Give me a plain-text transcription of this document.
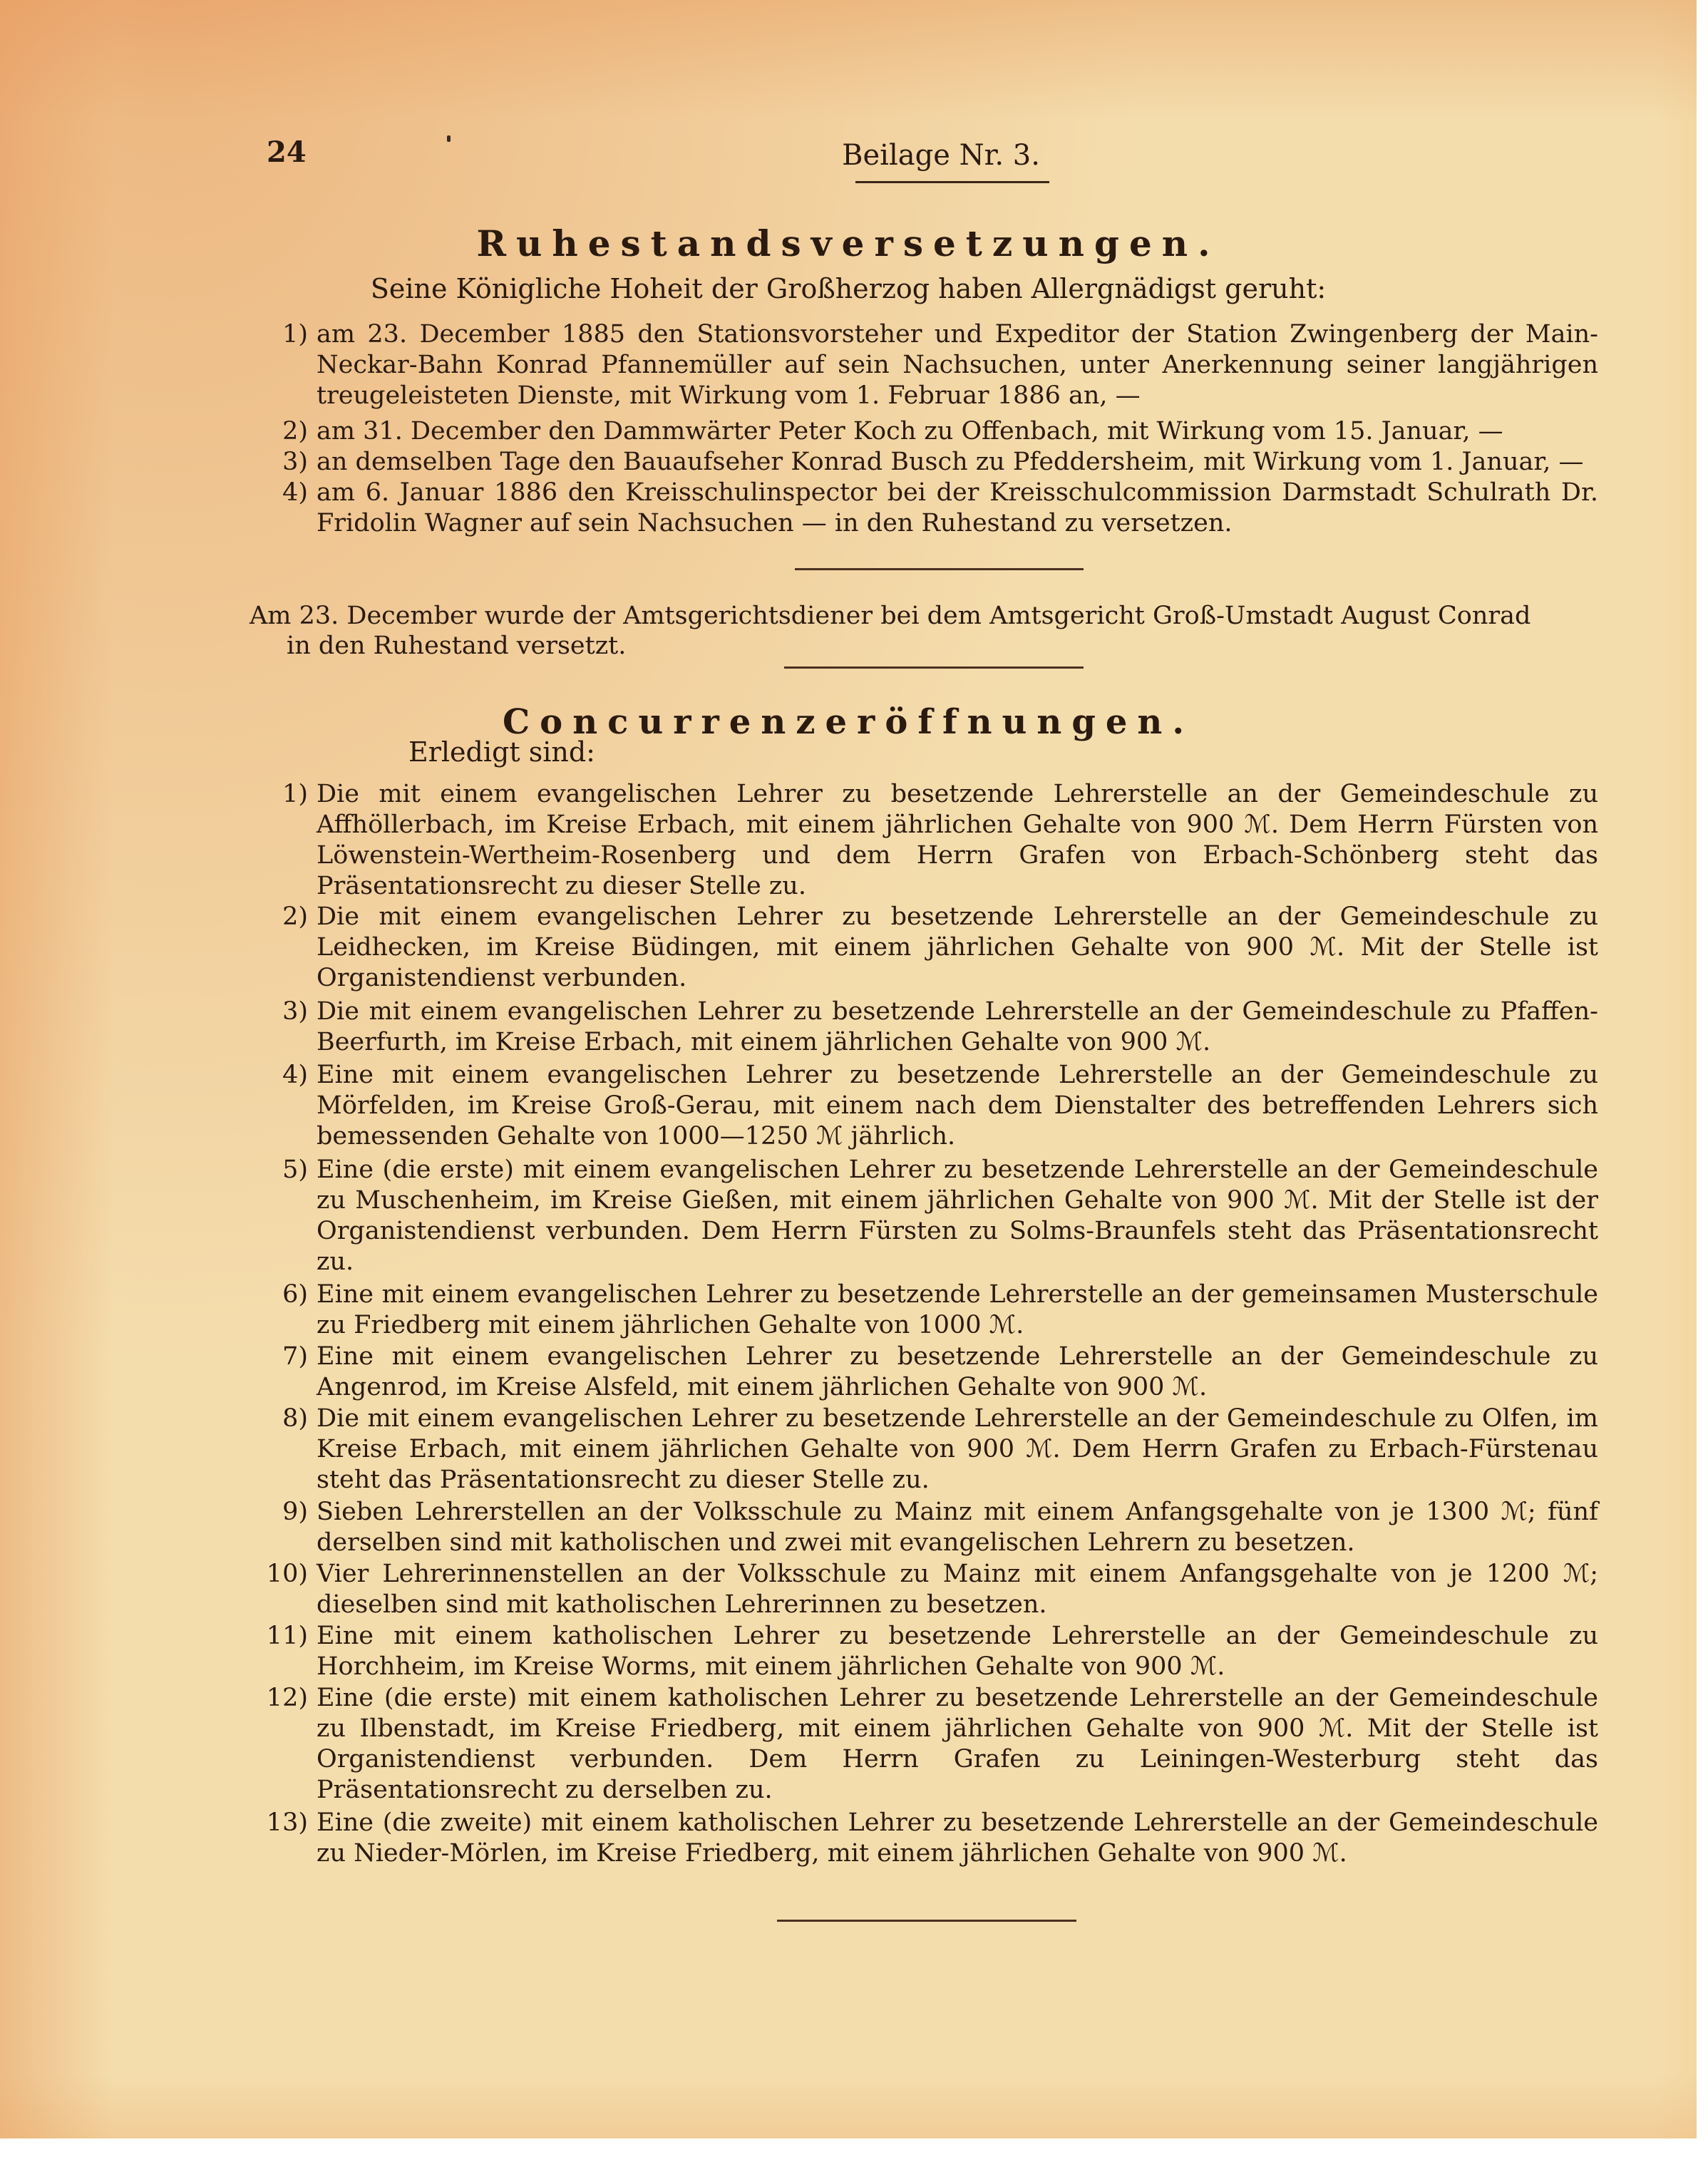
24	Beilage Nr. 3.
Ruhestandsversetzungen.
Seine Königliche Hoheit der Großherzog haben Allergnädigst geruht:
1) am 23. December 1885 den Stationsvorsteher und Expeditor der Station Zwingenberg der Main-Neckar-Bahn Konrad Pfannemüller auf sein Nachsuchen, unter Anerkennung seiner langjährigen treugeleisteten Dienste, mit Wirkung vom 1. Februar 1886 an, —
2) am 31. December den Dammwärter Peter Koch zu Offenbach, mit Wirkung vom 15. Januar, —
3) an demselben Tage den Bauaufseher Konrad Busch zu Pfeddersheim, mit Wirkung vom 1. Januar, —
4) am 6. Januar 1886 den Kreisschulinspector bei der Kreisschulcommission Darmstadt Schulrath Dr. Fridolin Wagner auf sein Nachsuchen — in den Ruhestand zu versetzen.
Am 23. December wurde der Amtsgerichtsdiener bei dem Amtsgericht Groß-Umstadt August Conrad
in den Ruhestand versetzt.
Concurrenzeröffnungen.
Erledigt sind:
1) Die mit einem evangelischen Lehrer zu besetzende Lehrerstelle an der Gemeindeschule zu Affhöllerbach, im Kreise Erbach, mit einem jährlichen Gehalte von 900 ℳ. Dem Herrn Fürsten von Löwenstein-Wertheim-Rosenberg und dem Herrn Grafen von Erbach-Schönberg steht das Präsentationsrecht zu dieser Stelle zu.
2) Die mit einem evangelischen Lehrer zu besetzende Lehrerstelle an der Gemeindeschule zu Leidhecken, im Kreise Büdingen, mit einem jährlichen Gehalte von 900 ℳ. Mit der Stelle ist Organistendienst verbunden.
3) Die mit einem evangelischen Lehrer zu besetzende Lehrerstelle an der Gemeindeschule zu Pfaffen-Beerfurth, im Kreise Erbach, mit einem jährlichen Gehalte von 900 ℳ.
4) Eine mit einem evangelischen Lehrer zu besetzende Lehrerstelle an der Gemeindeschule zu Mörfelden, im Kreise Groß-Gerau, mit einem nach dem Dienstalter des betreffenden Lehrers sich bemessenden Gehalte von 1000—1250 ℳ jährlich.
5) Eine (die erste) mit einem evangelischen Lehrer zu besetzende Lehrerstelle an der Gemeindeschule zu Muschenheim, im Kreise Gießen, mit einem jährlichen Gehalte von 900 ℳ. Mit der Stelle ist der Organistendienst verbunden. Dem Herrn Fürsten zu Solms-Braunfels steht das Präsentationsrecht zu.
6) Eine mit einem evangelischen Lehrer zu besetzende Lehrerstelle an der gemeinsamen Musterschule zu Friedberg mit einem jährlichen Gehalte von 1000 ℳ.
7) Eine mit einem evangelischen Lehrer zu besetzende Lehrerstelle an der Gemeindeschule zu Angenrod, im Kreise Alsfeld, mit einem jährlichen Gehalte von 900 ℳ.
8) Die mit einem evangelischen Lehrer zu besetzende Lehrerstelle an der Gemeindeschule zu Olfen, im Kreise Erbach, mit einem jährlichen Gehalte von 900 ℳ. Dem Herrn Grafen zu Erbach-Fürstenau steht das Präsentationsrecht zu dieser Stelle zu.
9) Sieben Lehrerstellen an der Volksschule zu Mainz mit einem Anfangsgehalte von je 1300 ℳ; fünf derselben sind mit katholischen und zwei mit evangelischen Lehrern zu besetzen.
10) Vier Lehrerinnenstellen an der Volksschule zu Mainz mit einem Anfangsgehalte von je 1200 ℳ; dieselben sind mit katholischen Lehrerinnen zu besetzen.
11) Eine mit einem katholischen Lehrer zu besetzende Lehrerstelle an der Gemeindeschule zu Horchheim, im Kreise Worms, mit einem jährlichen Gehalte von 900 ℳ.
12) Eine (die erste) mit einem katholischen Lehrer zu besetzende Lehrerstelle an der Gemeindeschule zu Ilbenstadt, im Kreise Friedberg, mit einem jährlichen Gehalte von 900 ℳ. Mit der Stelle ist Organistendienst verbunden. Dem Herrn Grafen zu Leiningen-Westerburg steht das Präsentationsrecht zu derselben zu.
13) Eine (die zweite) mit einem katholischen Lehrer zu besetzende Lehrerstelle an der Gemeindeschule zu Nieder-Mörlen, im Kreise Friedberg, mit einem jährlichen Gehalte von 900 ℳ.
